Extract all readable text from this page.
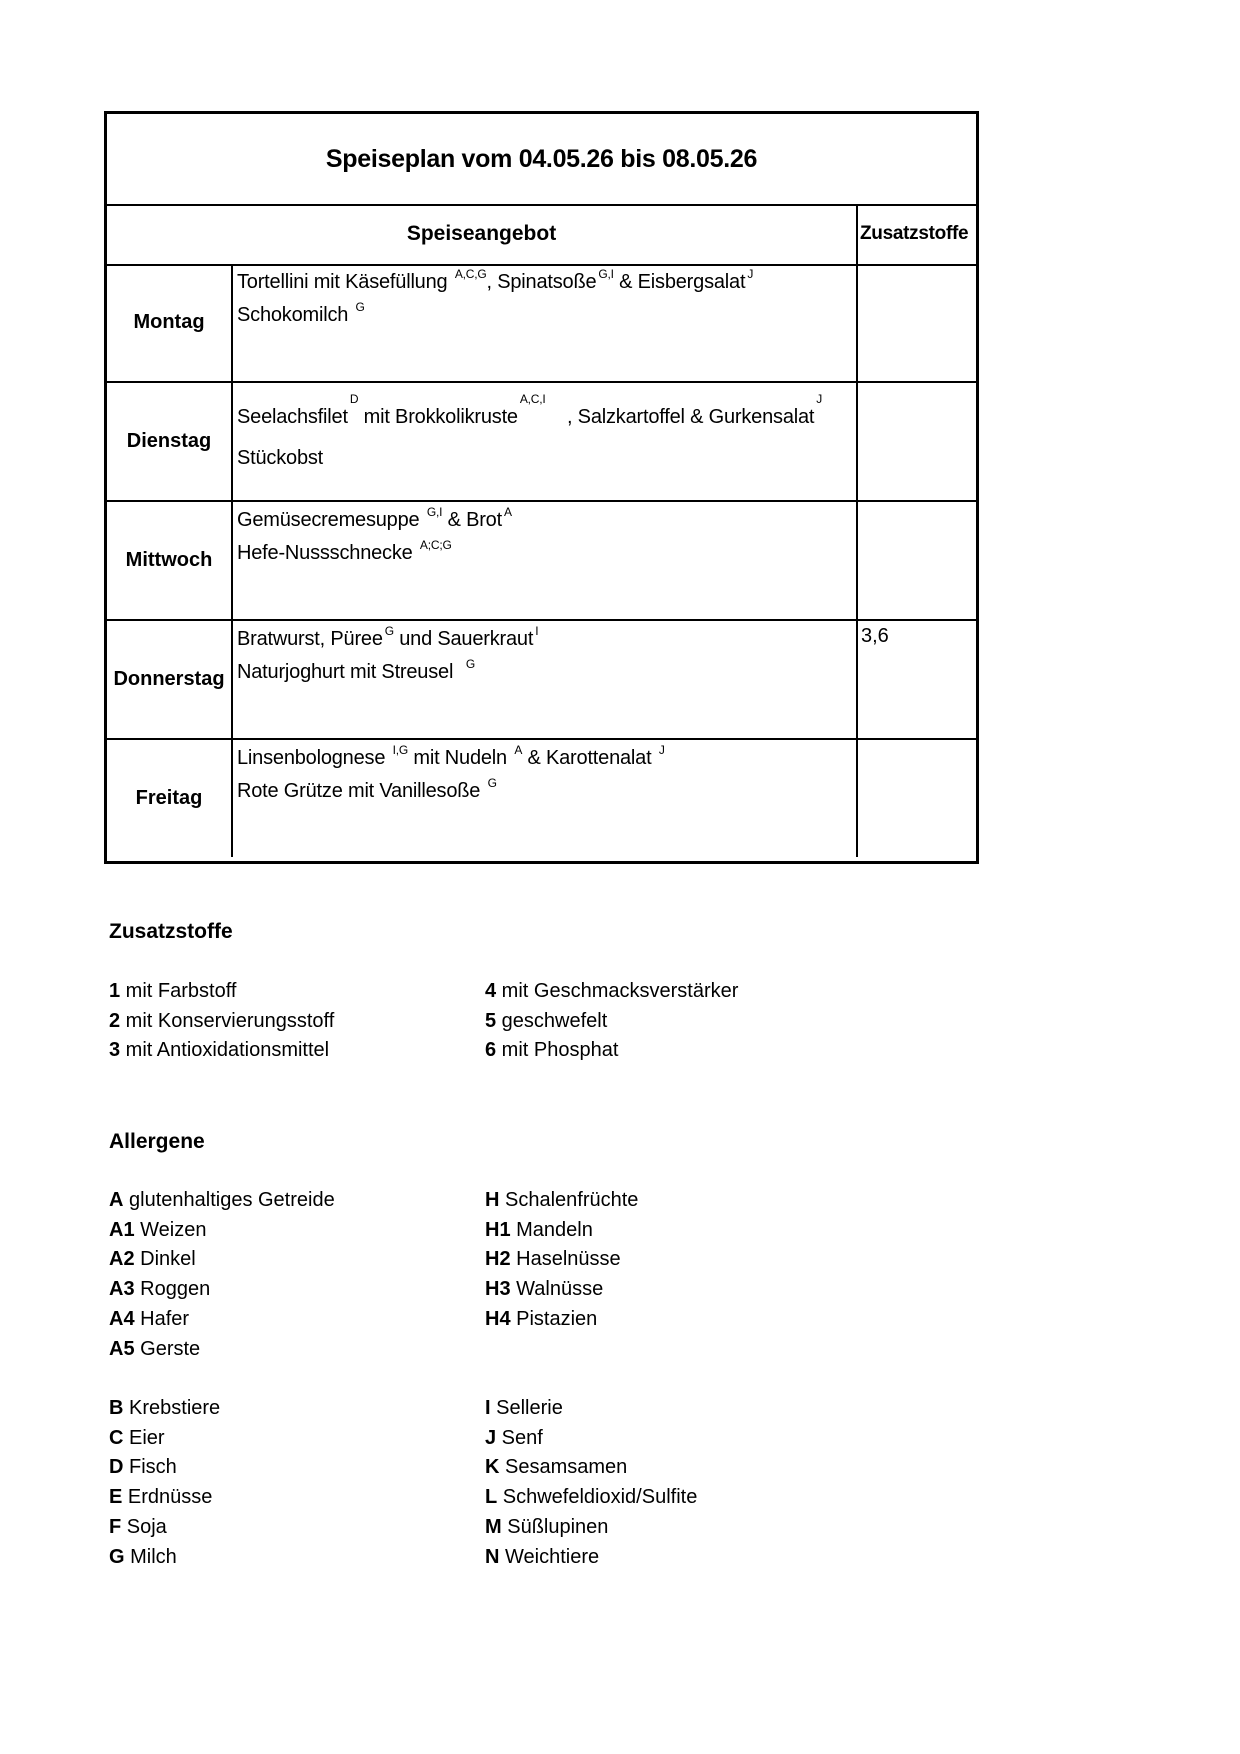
Speiseplan vom 04.05.26 bis 08.05.26
Speiseangebot	Zusatzstoffe
Montag
Tortellini mit Käsefüllung $^{A,C,G}$, Spinatsoße $^{G,I}$ & Eisbergsalat $^J$
Schokomilch $^G$
Dienstag
Seelachsfilet$^D$ mit Brokkolikruste$^{A,C,I}$    , Salzkartoffel & Gurkensalat$^J$
Stückobst
Mittwoch
Gemüsecremesuppe $^{G,I}$ & Brot $^A$
Hefe-Nussschnecke $^{A;C;G}$
Donnerstag
Bratwurst, Püree $^G$ und Sauerkraut $^I$
Naturjoghurt mit Streusel  $^G$
3,6
Freitag
Linsenbolognese $^{I,G}$ mit Nudeln $^A$ & Karottenalat $^J$
Rote Grütze mit Vanillesoße $^G$
Zusatzstoffe
1 mit Farbstoff
2 mit Konservierungsstoff
3 mit Antioxidationsmittel
4 mit Geschmacksverstärker
5 geschwefelt
6 mit Phosphat
Allergene
A glutenhaltiges Getreide
A1 Weizen
A2 Dinkel
A3 Roggen
A4 Hafer
A5 Gerste
H Schalenfrüchte
H1 Mandeln
H2 Haselnüsse
H3 Walnüsse
H4 Pistazien
B Krebstiere
C Eier
D Fisch
E Erdnüsse
F Soja
G Milch
I Sellerie
J Senf
K Sesamsamen
L Schwefeldioxid/Sulfite
M Süßlupinen
N Weichtiere
